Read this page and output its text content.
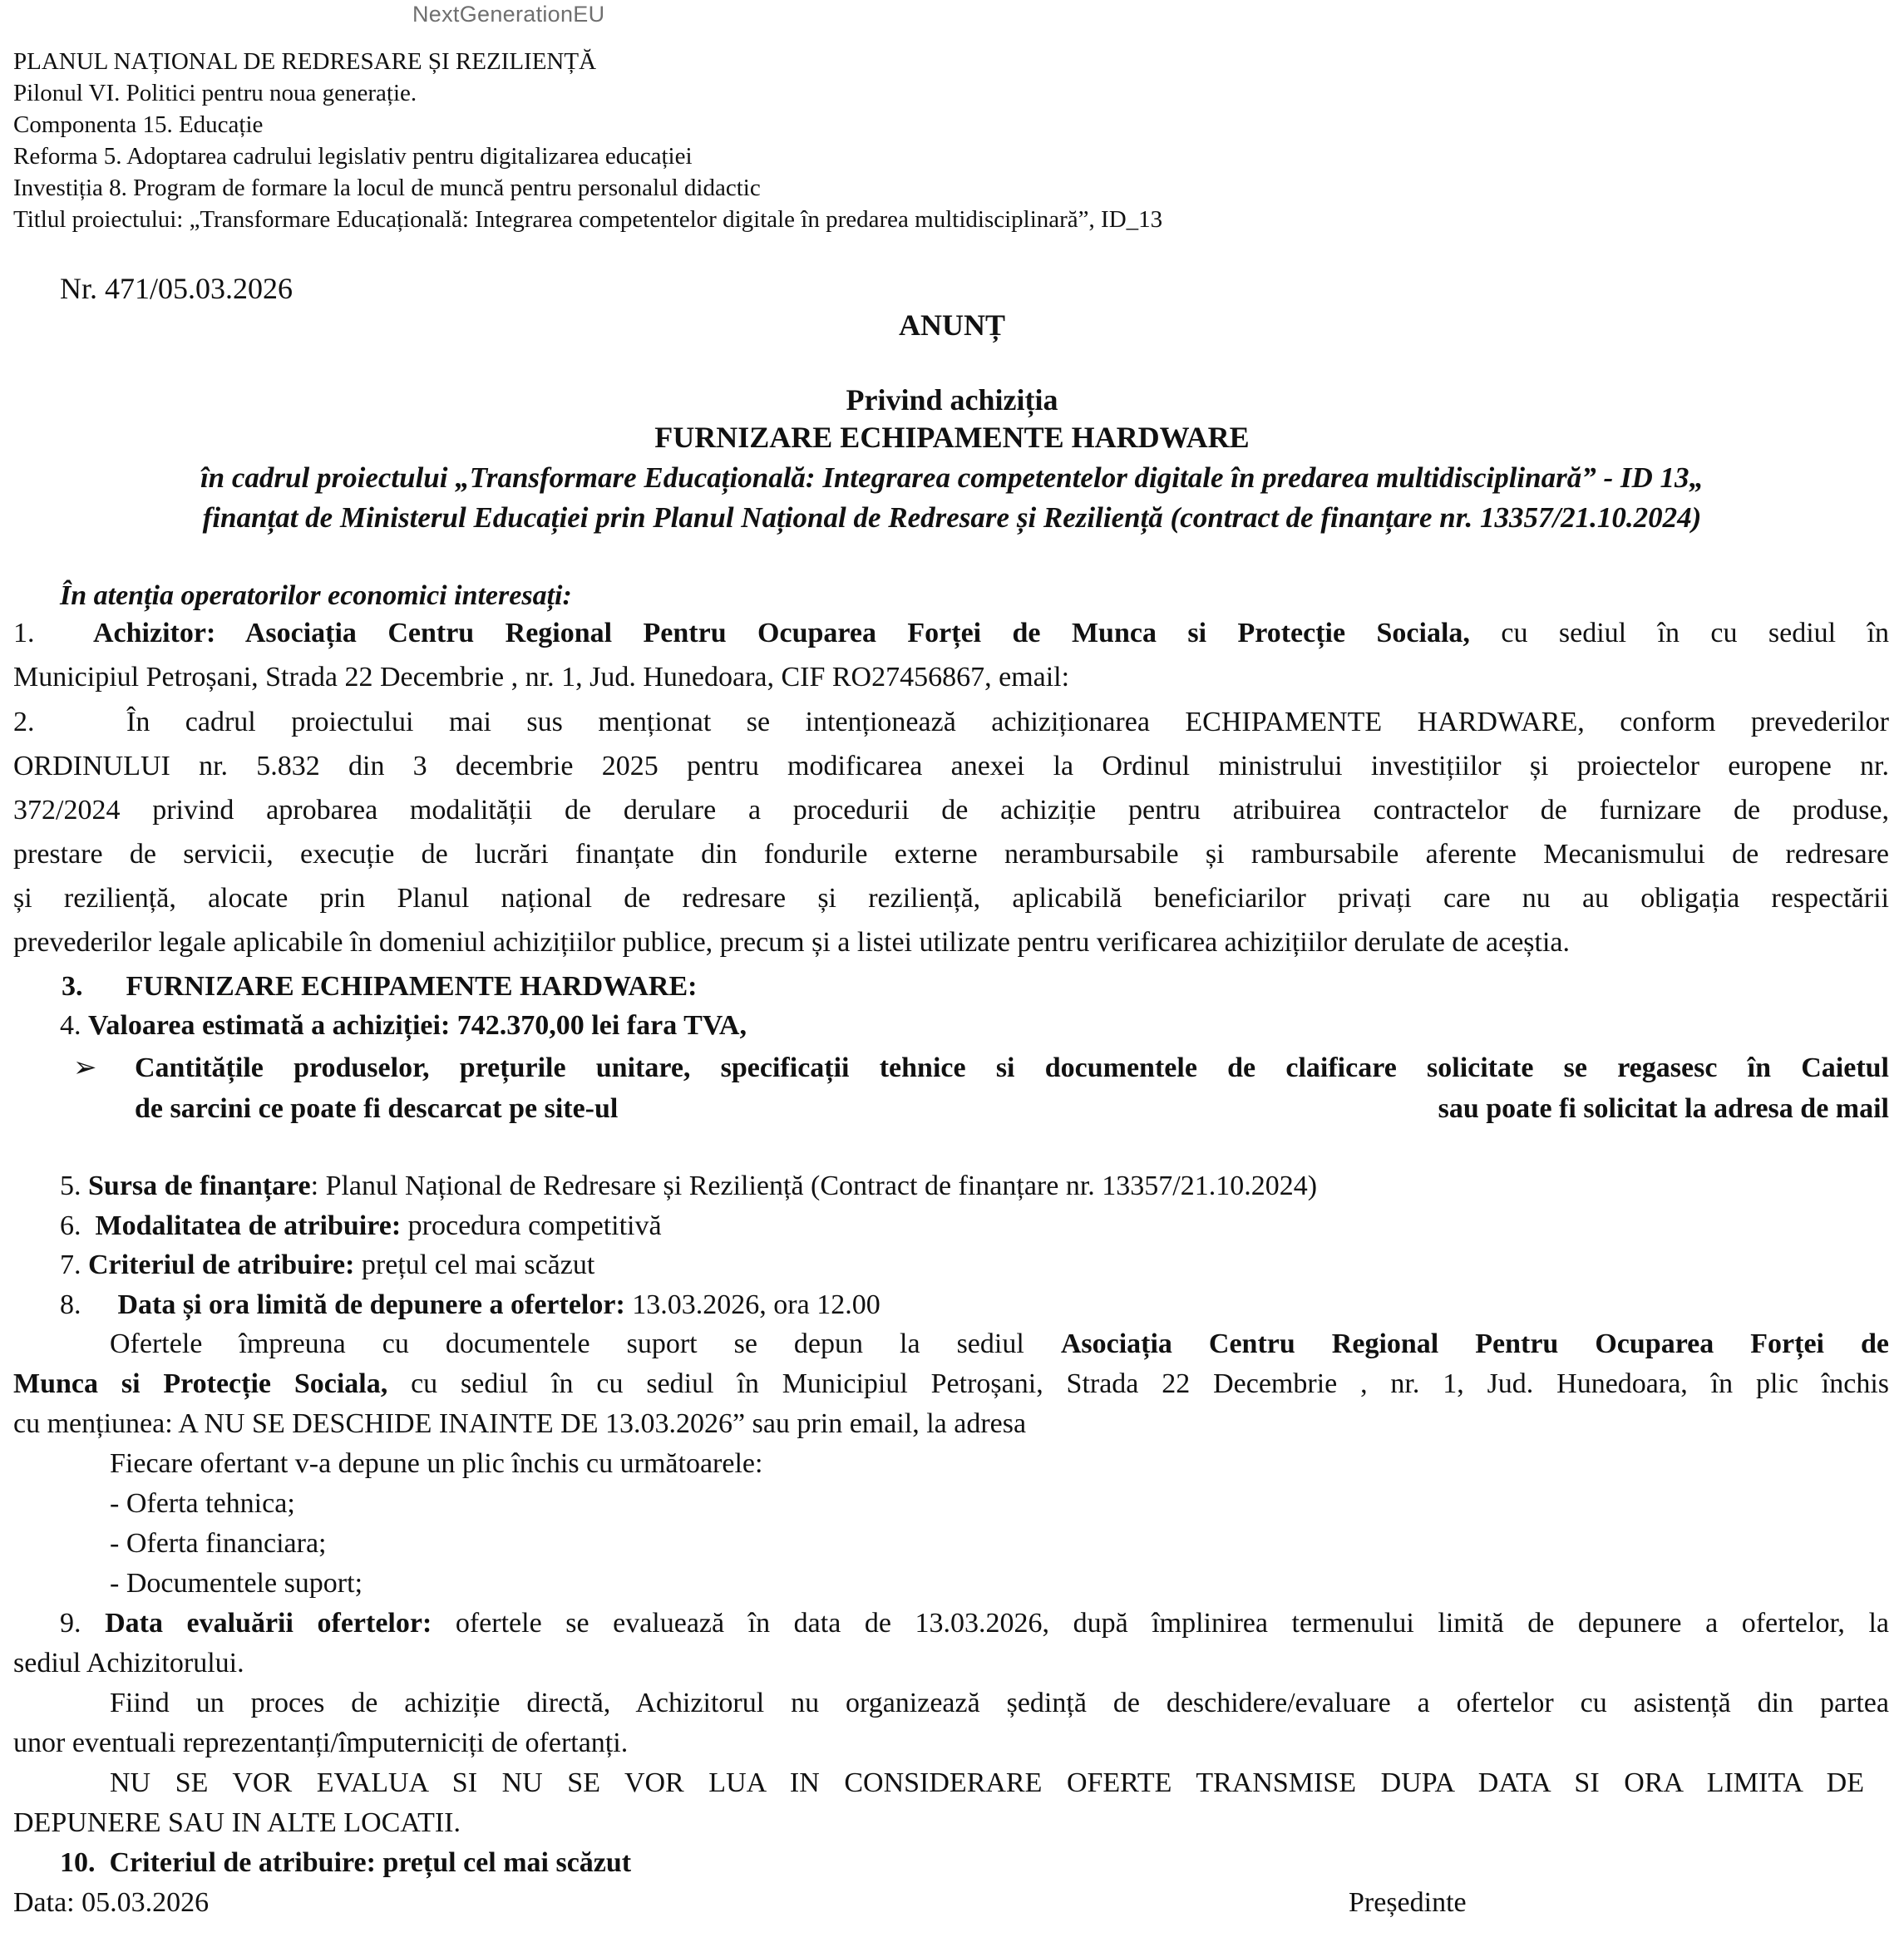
NextGenerationEU
PLANUL NAȚIONAL DE REDRESARE ȘI REZILIENȚĂ
Pilonul VI. Politici pentru noua generație.
Componenta 15. Educație
Reforma 5. Adoptarea cadrului legislativ pentru digitalizarea educației
Investiția 8. Program de formare la locul de muncă pentru personalul didactic
Titlul proiectului: „Transformare Educațională: Integrarea competentelor digitale în predarea multidisciplinară”, ID_13
Nr. 471/05.03.2026
ANUNȚ
Privind achiziția
FURNIZARE ECHIPAMENTE HARDWARE
în cadrul proiectului „Transformare Educațională: Integrarea competentelor digitale în predarea multidisciplinară” - ID 13„
finanțat de Ministerul Educației prin Planul Național de Redresare și Reziliență (contract de finanțare nr. 13357/21.10.2024)
În atenția operatorilor economici interesați:
1. Achizitor: Asociația Centru Regional Pentru Ocuparea Forței de Munca si Protecție Sociala, cu sediul în cu sediul în
Municipiul Petroșani, Strada 22 Decembrie , nr. 1, Jud. Hunedoara, CIF RO27456867, email:
2.	În cadrul proiectului mai sus menționat se intenționează achiziționarea ECHIPAMENTE HARDWARE, conform prevederilor
ORDINULUI nr. 5.832 din 3 decembrie 2025 pentru modificarea anexei la Ordinul ministrului investițiilor și proiectelor europene nr.
372/2024 privind aprobarea modalității de derulare a procedurii de achiziție pentru atribuirea contractelor de furnizare de produse,
prestare de servicii, execuție de lucrări finanțate din fondurile externe nerambursabile și rambursabile aferente Mecanismului de redresare
și reziliență, alocate prin Planul național de redresare și reziliență, aplicabilă beneficiarilor privați care nu au obligația respectării
prevederilor legale aplicabile în domeniul achizițiilor publice, precum și a listei utilizate pentru verificarea achizițiilor derulate de aceștia.
3. FURNIZARE ECHIPAMENTE HARDWARE:
4. Valoarea estimată a achiziției: 742.370,00 lei fara TVA,
➢ Cantitățile produselor, prețurile unitare, specificații tehnice si documentele de claificare solicitate se regasesc în Caietul
de sarcini ce poate fi descarcat pe site-ul	sau poate fi solicitat la adresa de mail
5. Sursa de finanțare: Planul Național de Redresare și Reziliență (Contract de finanțare nr. 13357/21.10.2024)
6. Modalitatea de atribuire: procedura competitivă
7. Criteriul de atribuire: prețul cel mai scăzut
8. Data și ora limită de depunere a ofertelor: 13.03.2026, ora 12.00
Ofertele împreuna cu documentele suport se depun la sediul Asociația Centru Regional Pentru Ocuparea Forței de
Munca si Protecție Sociala, cu sediul în cu sediul în Municipiul Petroșani, Strada 22 Decembrie , nr. 1, Jud. Hunedoara, în plic închis
cu mențiunea: A NU SE DESCHIDE INAINTE DE 13.03.2026” sau prin email, la adresa
Fiecare ofertant v-a depune un plic închis cu următoarele:
- Oferta tehnica;
- Oferta financiara;
- Documentele suport;
9. Data evaluării ofertelor: ofertele se evaluează în data de 13.03.2026, după împlinirea termenului limită de depunere a ofertelor, la
sediul Achizitorului.
Fiind un proces de achiziție directă, Achizitorul nu organizează ședință de deschidere/evaluare a ofertelor cu asistență din partea
unor eventuali reprezentanți/împuterniciți de ofertanți.
NU SE VOR EVALUA SI NU SE VOR LUA IN CONSIDERARE OFERTE TRANSMISE DUPA DATA SI ORA LIMITA DE
DEPUNERE SAU IN ALTE LOCATII.
10. Criteriul de atribuire: prețul cel mai scăzut
Data: 05.03.2026	Președinte
